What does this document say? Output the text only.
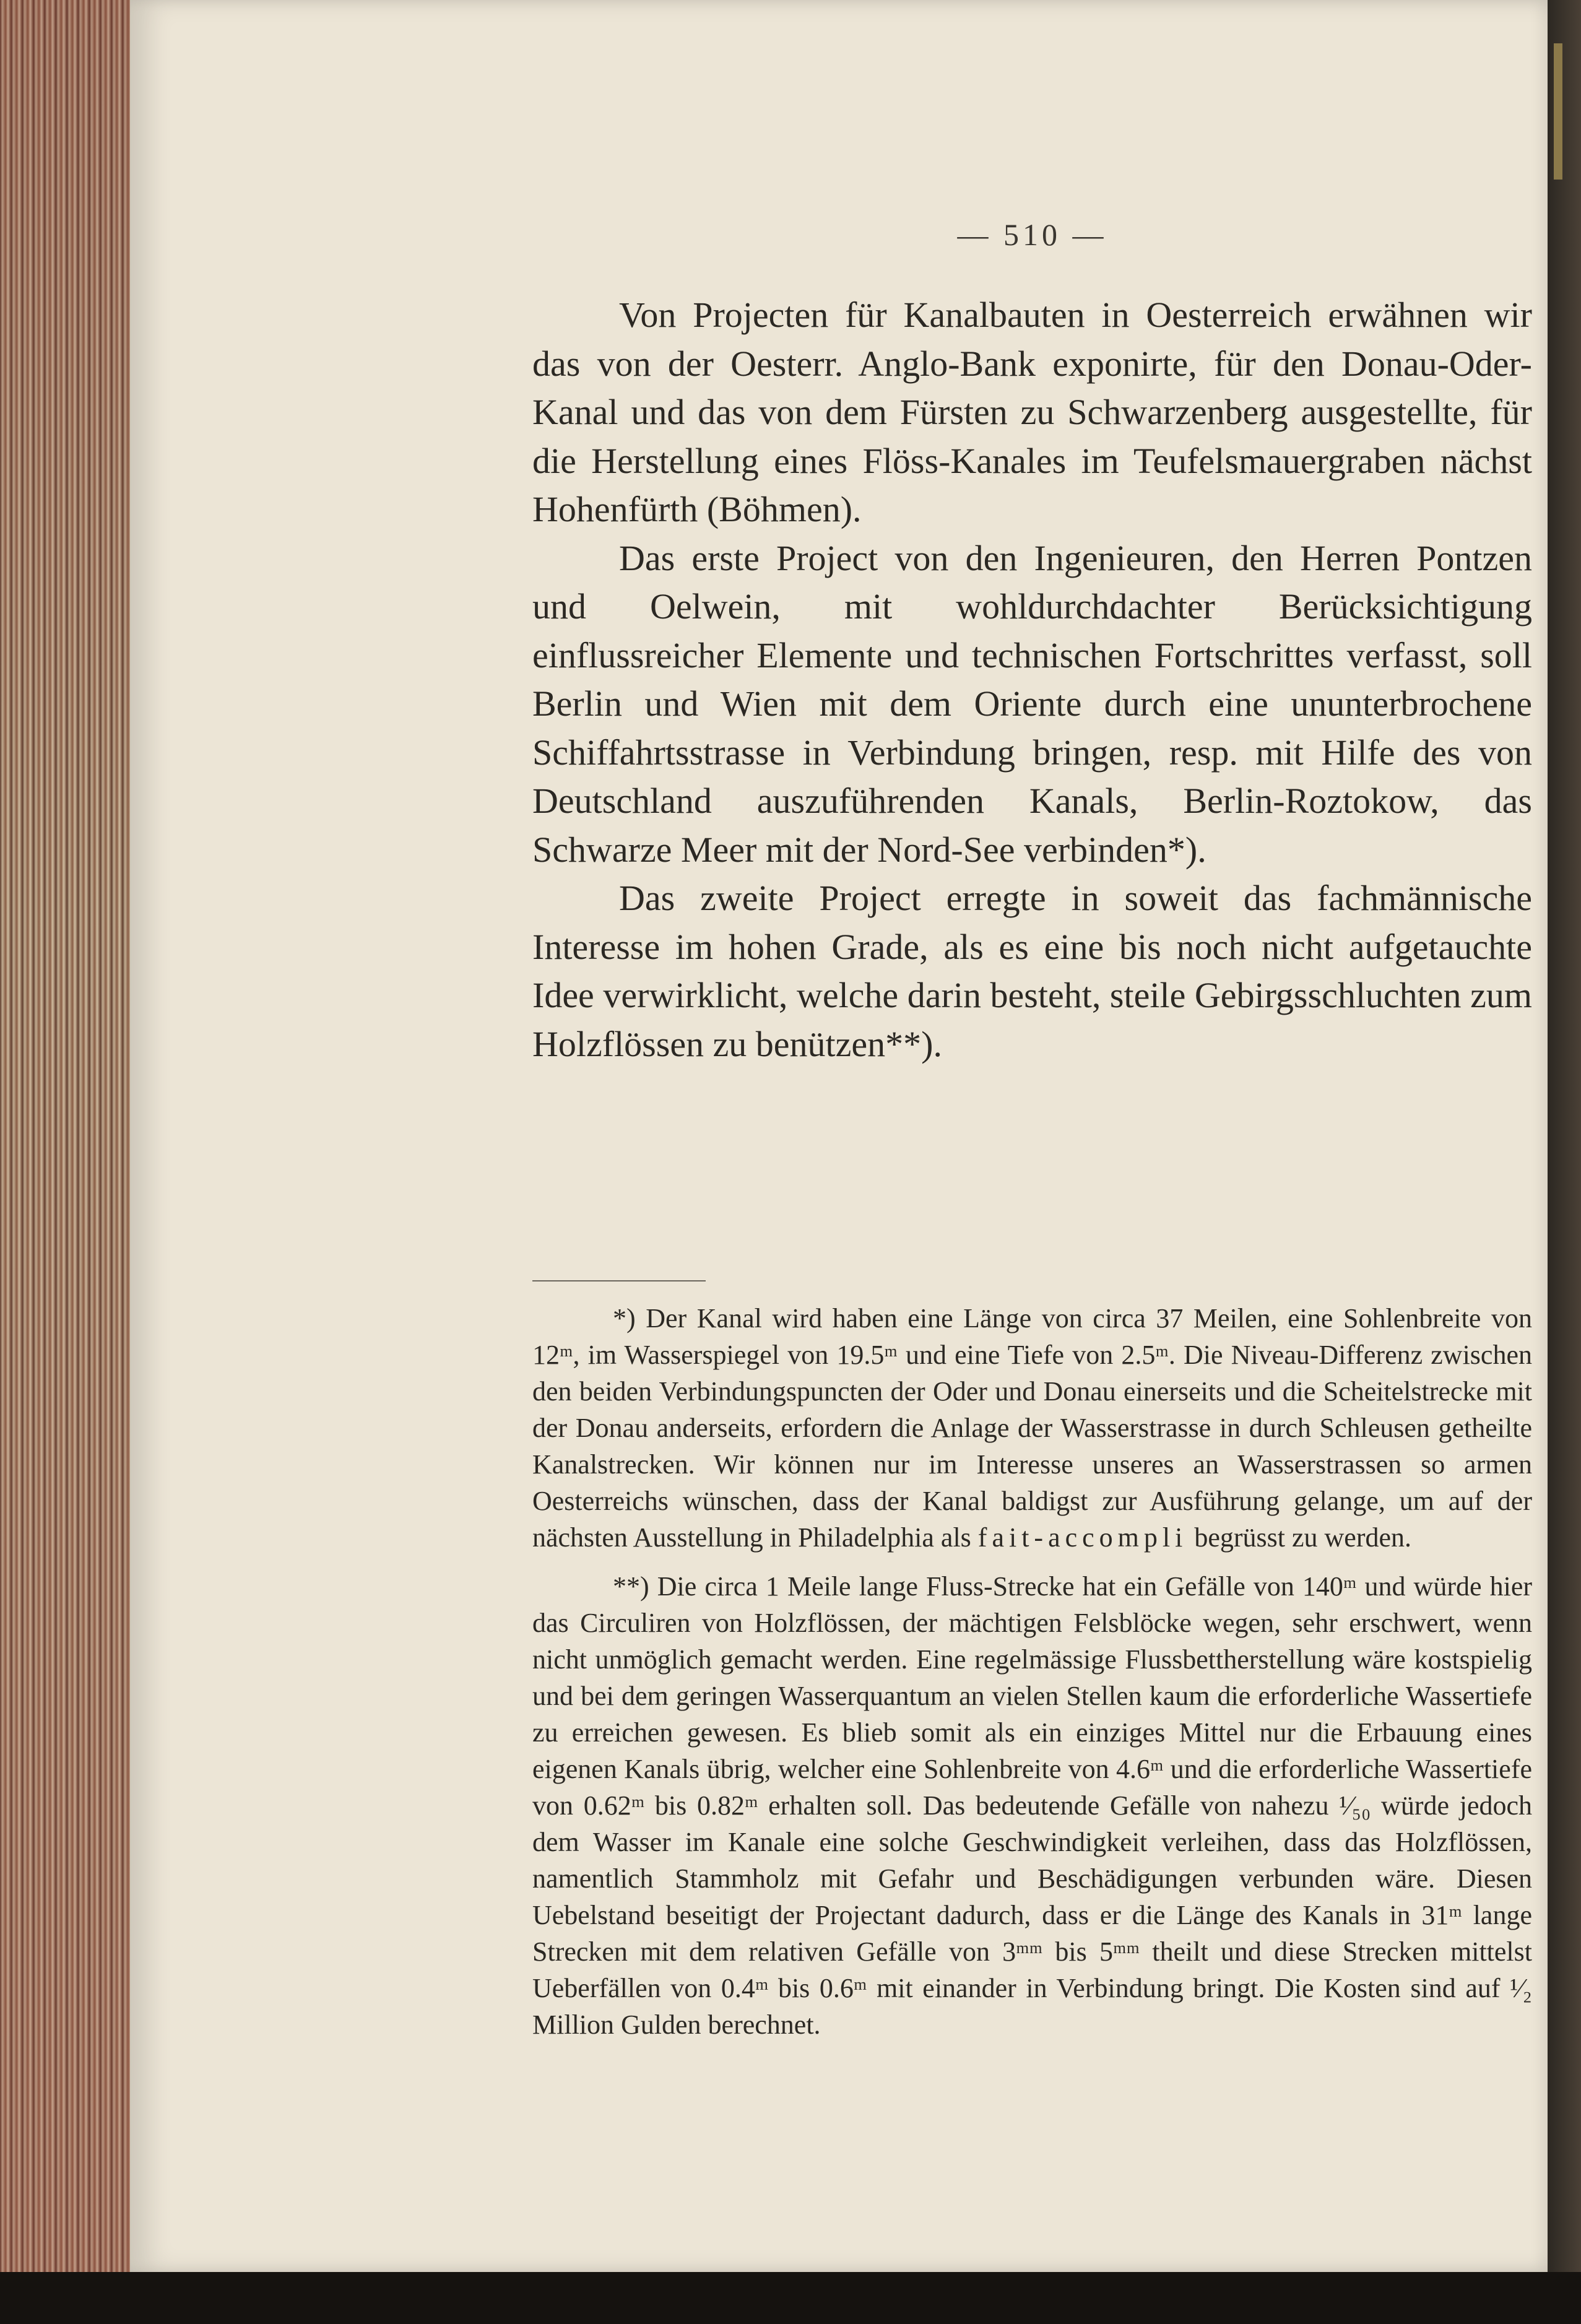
— 510 —

Von Projecten für Kanalbauten in Oesterreich erwähnen wir das von der Oesterr. Anglo-Bank exponirte, für den Donau-Oder-Kanal und das von dem Fürsten zu Schwarzenberg ausgestellte, für die Herstellung eines Flöss-Kanales im Teufelsmauergraben nächst Hohenfürth (Böhmen).

Das erste Project von den Ingenieuren, den Herren Pontzen und Oelwein, mit wohldurchdachter Berücksichtigung einflussreicher Elemente und technischen Fortschrittes verfasst, soll Berlin und Wien mit dem Oriente durch eine ununterbrochene Schiffahrtsstrasse in Verbindung bringen, resp. mit Hilfe des von Deutschland auszuführenden Kanals, Berlin-Roztokow, das Schwarze Meer mit der Nord-See verbinden*).

Das zweite Project erregte in soweit das fachmännische Interesse im hohen Grade, als es eine bis noch nicht aufgetauchte Idee verwirklicht, welche darin besteht, steile Gebirgsschluchten zum Holzflössen zu benützen**).

*) Der Kanal wird haben eine Länge von circa 37 Meilen, eine Sohlenbreite von 12ᵐ, im Wasserspiegel von 19.5ᵐ und eine Tiefe von 2.5ᵐ. Die Niveau-Differenz zwischen den beiden Verbindungspuncten der Oder und Donau einerseits und die Scheitelstrecke mit der Donau anderseits, erfordern die Anlage der Wasserstrasse in durch Schleusen getheilte Kanalstrecken. Wir können nur im Interesse unseres an Wasserstrassen so armen Oesterreichs wünschen, dass der Kanal baldigst zur Ausführung gelange, um auf der nächsten Ausstellung in Philadelphia als fait-accompli begrüsst zu werden.

**) Die circa 1 Meile lange Fluss-Strecke hat ein Gefälle von 140ᵐ und würde hier das Circuliren von Holzflössen, der mächtigen Felsblöcke wegen, sehr erschwert, wenn nicht unmöglich gemacht werden. Eine regelmässige Flussbettherstellung wäre kostspielig und bei dem geringen Wasserquantum an vielen Stellen kaum die erforderliche Wassertiefe zu erreichen gewesen. Es blieb somit als ein einziges Mittel nur die Erbauung eines eigenen Kanals übrig, welcher eine Sohlenbreite von 4.6ᵐ und die erforderliche Wassertiefe von 0.62ᵐ bis 0.82ᵐ erhalten soll. Das bedeutende Gefälle von nahezu ¹⁄₅₀ würde jedoch dem Wasser im Kanale eine solche Geschwindigkeit verleihen, dass das Holzflössen, namentlich Stammholz mit Gefahr und Beschädigungen verbunden wäre. Diesen Uebelstand beseitigt der Projectant dadurch, dass er die Länge des Kanals in 31ᵐ lange Strecken mit dem relativen Gefälle von 3ᵐᵐ bis 5ᵐᵐ theilt und diese Strecken mittelst Ueberfällen von 0.4ᵐ bis 0.6ᵐ mit einander in Verbindung bringt. Die Kosten sind auf ¹⁄₂ Million Gulden berechnet.
